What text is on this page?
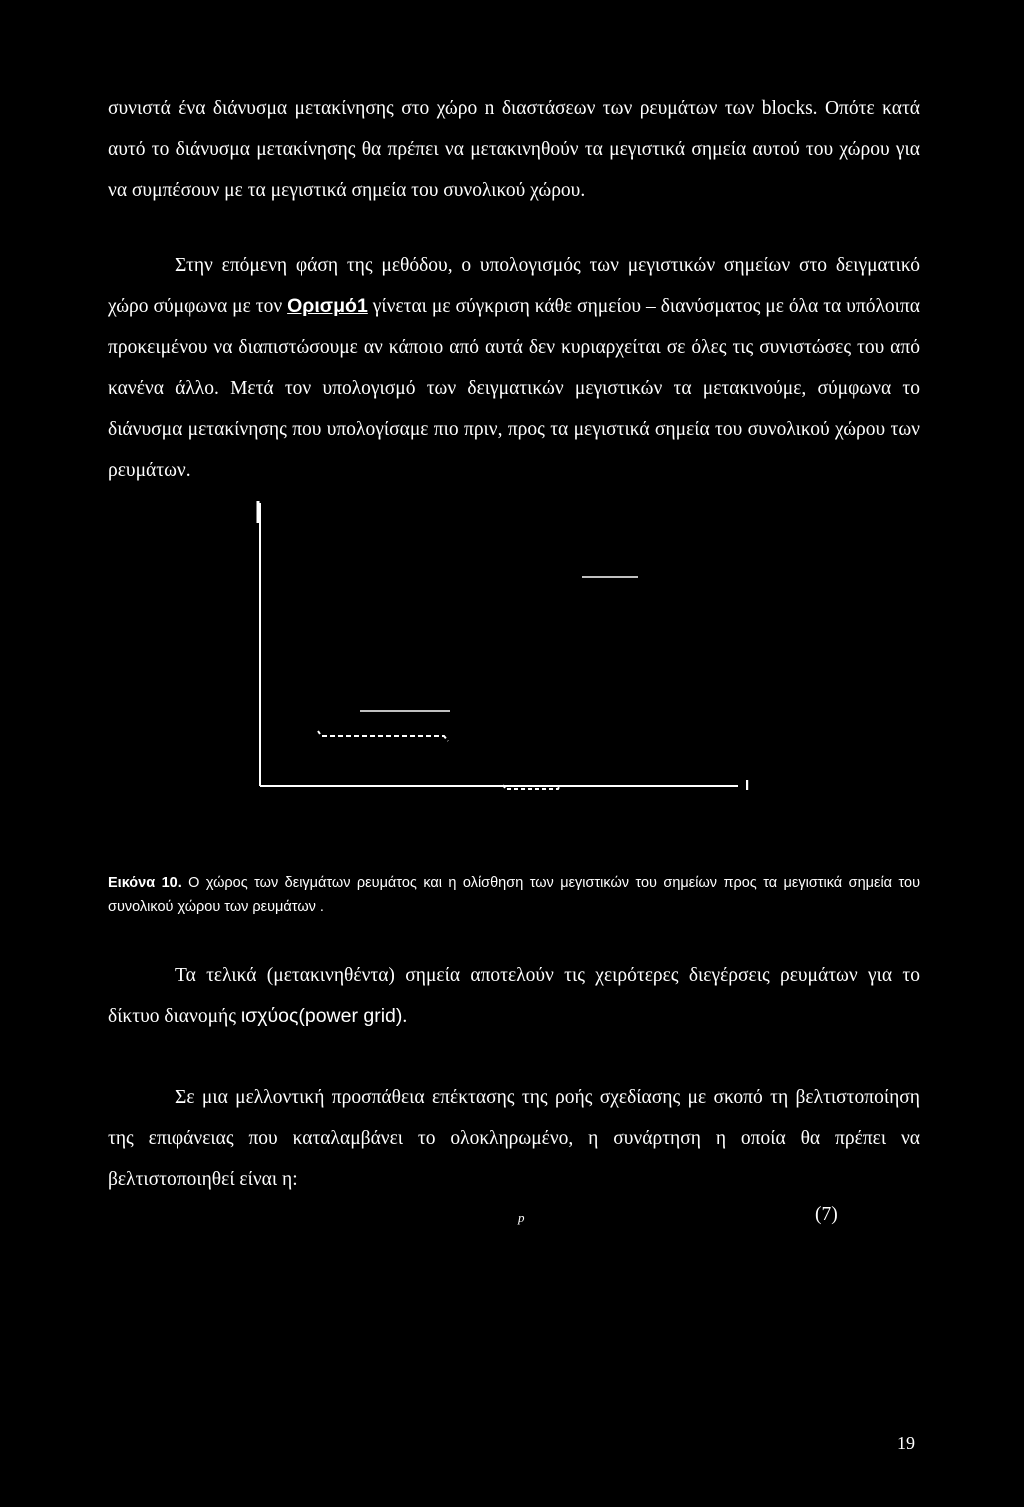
συνιστά ένα διάνυσμα μετακίνησης στο χώρο n διαστάσεων των ρευμάτων των blocks. Οπότε κατά αυτό το διάνυσμα μετακίνησης θα πρέπει να μετακινηθούν τα μεγιστικά σημεία αυτού του χώρου για να συμπέσουν με τα μεγιστικά σημεία του συνολικού χώρου.

Στην επόμενη φάση της μεθόδου, ο υπολογισμός των μεγιστικών σημείων στο δειγματικό χώρο σύμφωνα με τον Ορισμό1 γίνεται με σύγκριση κάθε σημείου – διανύσματος με όλα τα υπόλοιπα προκειμένου να διαπιστώσουμε αν κάποιο από αυτά δεν κυριαρχείται σε όλες τις συνιστώσες του από κανένα άλλο. Μετά τον υπολογισμό των δειγματικών μεγιστικών τα μετακινούμε, σύμφωνα το διάνυσμα μετακίνησης που υπολογίσαμε πιο πριν, προς τα μεγιστικά σημεία του συνολικού χώρου των ρευμάτων.

I

Εικόνα 10. Ο χώρος των δειγμάτων ρευμάτος και η ολίσθηση των μεγιστικών του σημείων προς τα μεγιστικά σημεία του συνολικού χώρου των ρευμάτων .

Τα τελικά (μετακινηθέντα) σημεία αποτελούν τις χειρότερες διεγέρσεις ρευμάτων για το δίκτυο διανομής ισχύος(power grid).

Σε μια μελλοντική προσπάθεια επέκτασης της ροής σχεδίασης με σκοπό τη βελτιστοποίηση της επιφάνειας που καταλαμβάνει το ολοκληρωμένο, η συνάρτηση η οποία θα πρέπει να βελτιστοποιηθεί είναι η:

p	(7)
19
